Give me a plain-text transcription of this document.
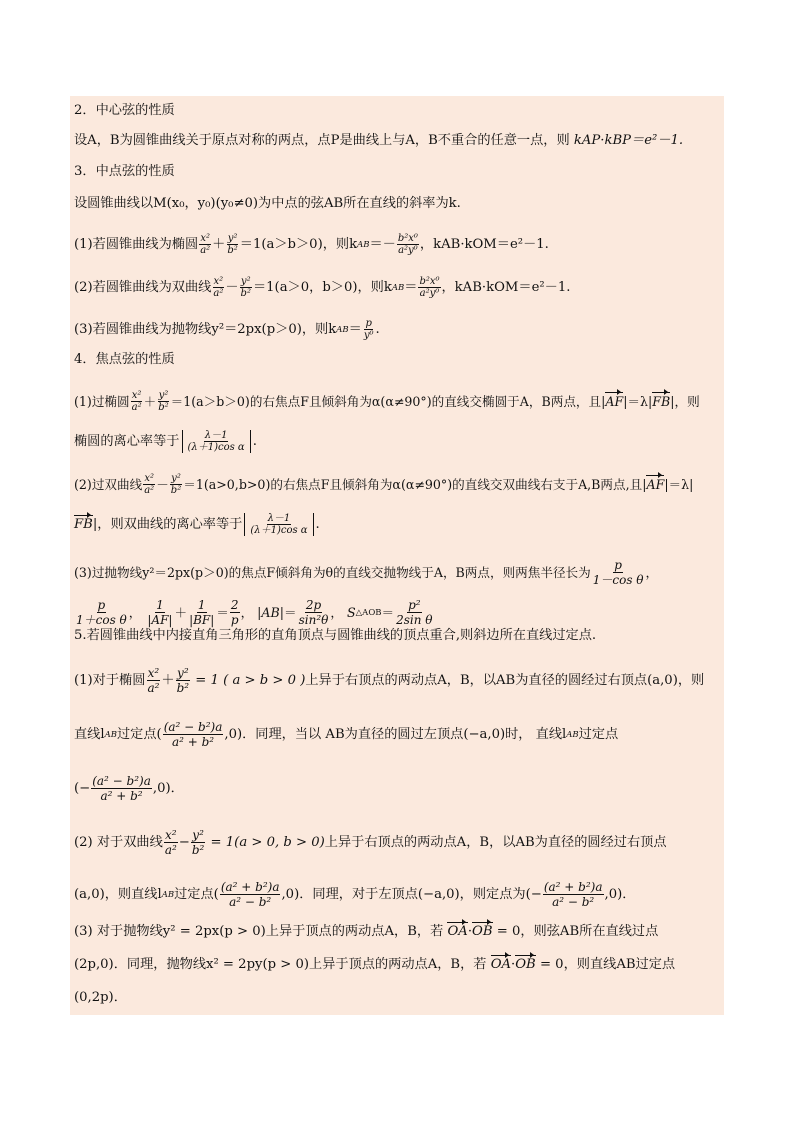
2．中心弦的性质
设A，B为圆锥曲线关于原点对称的两点，点P是曲线上与A，B不重合的任意一点，则
kAP·kBP＝e²－1.
3．中点弦的性质
设圆锥曲线以M(x₀，y₀)(y₀≠0)为中点的弦AB所在直线的斜率为k.
(1)若圆锥曲线为椭圆 $\frac{\text{x²}}{\text{a²}} + \frac{\text{y²}}{\text{b²}} =1(a>b>0)$，则k AB ＝－ $\frac{\text{b²x⁰}}{\text{a²y⁰}}$ ，kAB·kOM＝e²－1.
(2)若圆锥曲线为双曲线 $\frac{\text{x²}}{\text{a²}} - \frac{\text{y²}}{\text{b²}} =1(a>0$，b＞0)，则k AB ＝ $\frac{\text{b²x⁰}}{\text{a²y⁰}}$ ，kAB·kOM＝e²－1.
(3)若圆锥曲线为抛物线y²＝2px(p＞0)，则k AB ＝ $\frac{p}{\text{y⁰}}$ .
4．焦点弦的性质
(1)过椭圆 $\frac{\text{x²}}{\text{a²}} + \frac{\text{y²}}{\text{b²}} =1(a>b>0)$的右焦点F且倾斜角为α(α≠90°)的直线交椭圆于A，B两点，且| AF |＝λ| FB |，则
椭圆的离心率等于 $\frac{\lambda-1}{\text{(λ＋1)cos α}}$ .
(2)过双曲线 $\frac{\text{x²}}{\text{a²}} - \frac{\text{y²}}{\text{b²}} =1(a>0,b>0)$的右焦点F且倾斜角为α(α≠90°)的直线交双曲线右支于A,B两点,且| AF |＝λ|
FB |，则双曲线的离心率等于 $\frac{\lambda-1}{\text{(λ＋1)cos α}}$ .
(3)过抛物线y²＝2px(p＞0)的焦点F倾斜角为θ的直线交抛物线于A，B两点，则两焦半径长为 $\frac{p}{\text{1－cos θ}}$ ，
$\frac{p}{\text{1＋cos θ}}$ ， $\frac{1}{|AF|} + \frac{1}{|BF|} = \frac{2}{p}$ ， | AB |＝ $\frac{2p}{\text{sin²θ}}$ ， S △AOB ＝ $\frac{\text{p²}}{\text{2sin θ}}$
5.若圆锥曲线中内接直角三角形的直角顶点与圆锥曲线的顶点重合,则斜边所在直线过定点.
(1)对于椭圆 $\frac{\text{x²}}{\text{a²}} + \frac{\text{y²}}{\text{b²}} = 1$ ( a > b > 0 ) 上异于右顶点的两动点A，B，以AB为直径的圆经过右顶点(a,0)，则
直线l AB 过定点( $\frac{\text{(a² − b²)a}}{\text{a² + b²}} ,0$)．同理，当以 AB为直径的圆过左顶点(−a,0)时， 直线l AB 过定点
(− $\frac{\text{(a² − b²)a}}{\text{a² + b²}} ,0$)．
(2) 对于双曲线 $\frac{\text{x²}}{\text{a²}} - \frac{\text{y²}}{\text{b²}} = 1(a > 0$, b > 0) 上异于右顶点的两动点A，B，以AB为直径的圆经过右顶点
(a,0)，则直线l AB 过定点( $\frac{\text{(a² + b²)a}}{\text{a² − b²}} ,0$)．同理，对于左顶点(−a,0)，则定点为(− $\frac{\text{(a² + b²)a}}{\text{a² − b²}} ,0$)．
(3) 对于抛物线y² = 2px(p > 0)上异于顶点的两动点A，B，若
OA · OB = 0 ，则弦AB所在直线过点
(2p,0)．同理，抛物线x² = 2py(p > 0)上异于顶点的两动点A，B，若
OA · OB = 0 ，则直线AB过定点
(0,2p)．
